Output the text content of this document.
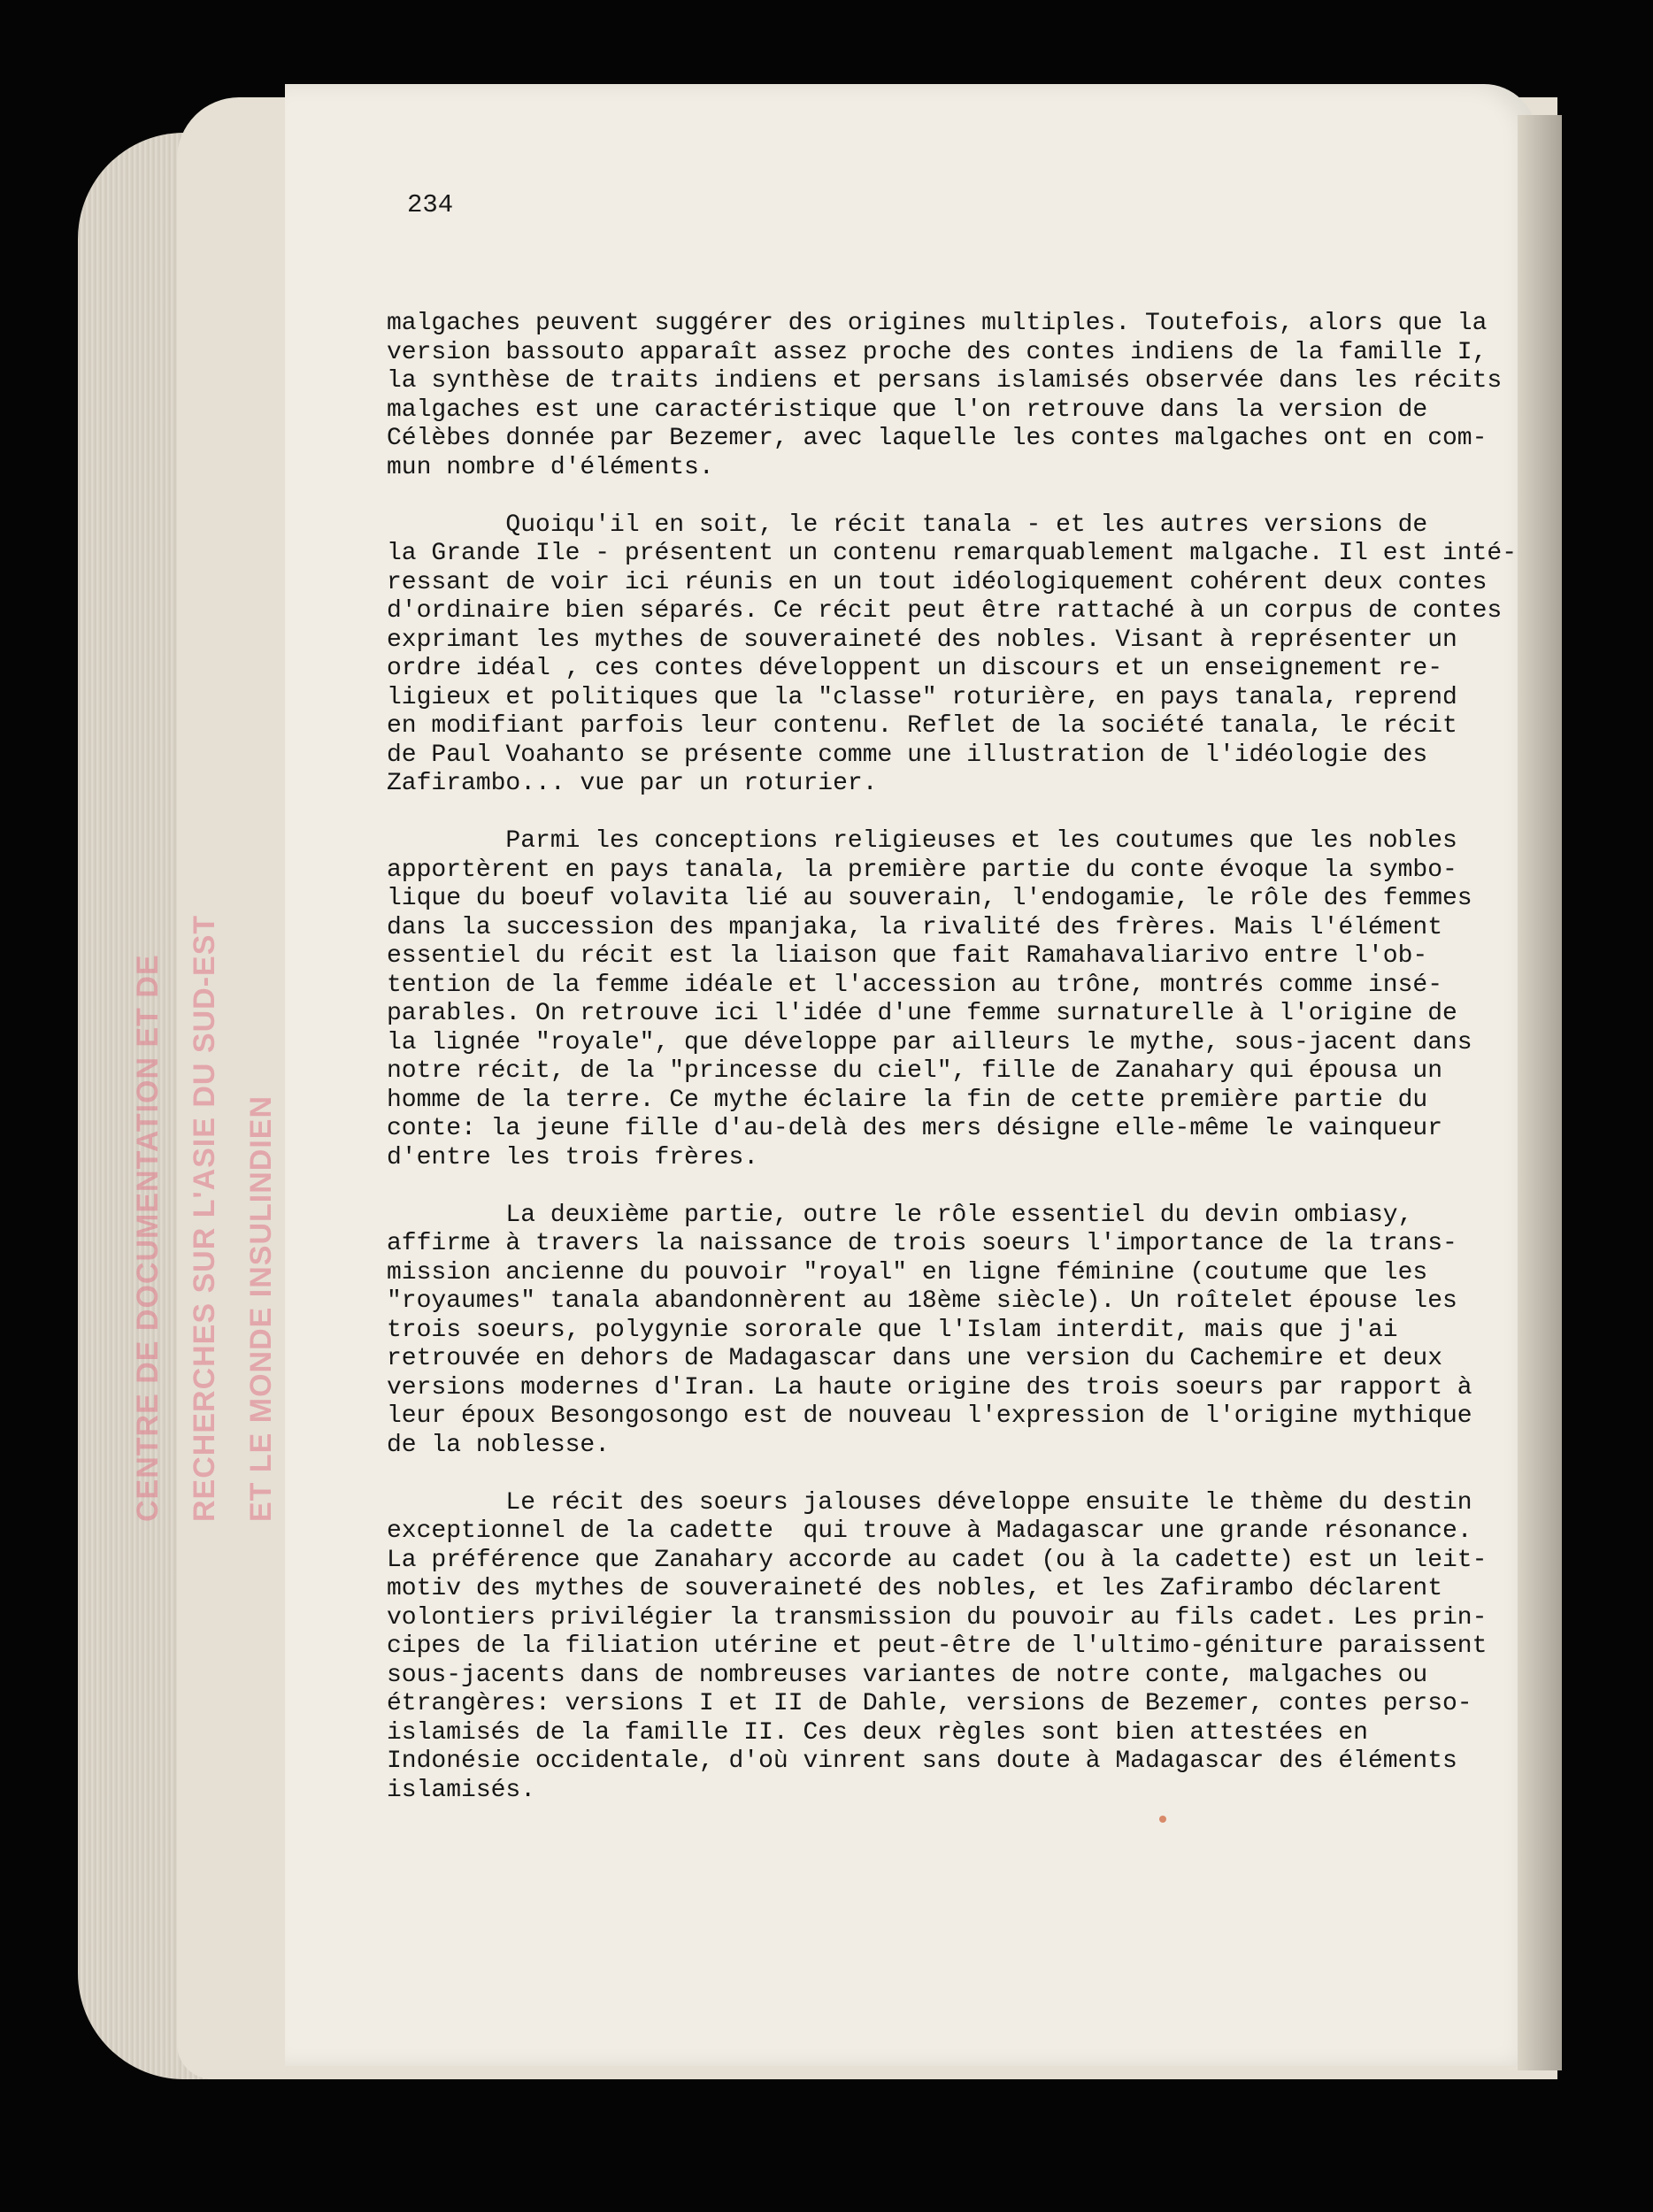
CENTRE DE DOCUMENTATION ET DE RECHERCHES SUR L'ASIE DU SUD-EST ET LE MONDE INSULINDIEN
234
malgaches peuvent suggérer des origines multiples. Toutefois, alors que la
version bassouto apparaît assez proche des contes indiens de la famille I,
la synthèse de traits indiens et persans islamisés observée dans les récits
malgaches est une caractéristique que l'on retrouve dans la version de
Célèbes donnée par Bezemer, avec laquelle les contes malgaches ont en com-
mun nombre d'éléments.
Quoiqu'il en soit, le récit tanala - et les autres versions de
la Grande Ile - présentent un contenu remarquablement malgache. Il est inté-
ressant de voir ici réunis en un tout idéologiquement cohérent deux contes
d'ordinaire bien séparés. Ce récit peut être rattaché à un corpus de contes
exprimant les mythes de souveraineté des nobles. Visant à représenter un
ordre idéal , ces contes développent un discours et un enseignement re-
ligieux et politiques que la "classe" roturière, en pays tanala, reprend
en modifiant parfois leur contenu. Reflet de la société tanala, le récit
de Paul Voahanto se présente comme une illustration de l'idéologie des
Zafirambo... vue par un roturier.
Parmi les conceptions religieuses et les coutumes que les nobles
apportèrent en pays tanala, la première partie du conte évoque la symbo-
lique du boeuf volavita lié au souverain, l'endogamie, le rôle des femmes
dans la succession des mpanjaka, la rivalité des frères. Mais l'élément
essentiel du récit est la liaison que fait Ramahavaliarivo entre l'ob-
tention de la femme idéale et l'accession au trône, montrés comme insé-
parables. On retrouve ici l'idée d'une femme surnaturelle à l'origine de
la lignée "royale", que développe par ailleurs le mythe, sous-jacent dans
notre récit, de la "princesse du ciel", fille de Zanahary qui épousa un
homme de la terre. Ce mythe éclaire la fin de cette première partie du
conte: la jeune fille d'au-delà des mers désigne elle-même le vainqueur
d'entre les trois frères.
La deuxième partie, outre le rôle essentiel du devin ombiasy,
affirme à travers la naissance de trois soeurs l'importance de la trans-
mission ancienne du pouvoir "royal" en ligne féminine (coutume que les
"royaumes" tanala abandonnèrent au 18ème siècle). Un roîtelet épouse les
trois soeurs, polygynie sororale que l'Islam interdit, mais que j'ai
retrouvée en dehors de Madagascar dans une version du Cachemire et deux
versions modernes d'Iran. La haute origine des trois soeurs par rapport à
leur époux Besongosongo est de nouveau l'expression de l'origine mythique
de la noblesse.
Le récit des soeurs jalouses développe ensuite le thème du destin
exceptionnel de la cadette  qui trouve à Madagascar une grande résonance.
La préférence que Zanahary accorde au cadet (ou à la cadette) est un leit-
motiv des mythes de souveraineté des nobles, et les Zafirambo déclarent
volontiers privilégier la transmission du pouvoir au fils cadet. Les prin-
cipes de la filiation utérine et peut-être de l'ultimo-géniture paraissent
sous-jacents dans de nombreuses variantes de notre conte, malgaches ou
étrangères: versions I et II de Dahle, versions de Bezemer, contes perso-
islamisés de la famille II. Ces deux règles sont bien attestées en
Indonésie occidentale, d'où vinrent sans doute à Madagascar des éléments
islamisés.
